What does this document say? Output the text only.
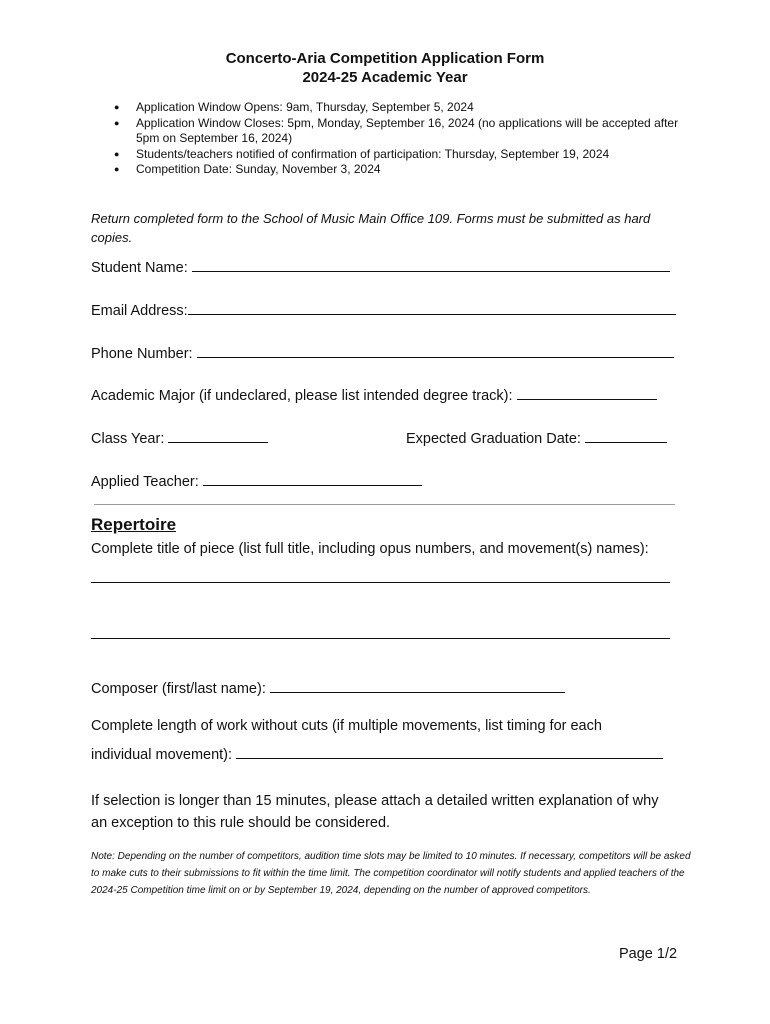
Concerto-Aria Competition Application Form
2024-25 Academic Year
● Application Window Opens: 9am, Thursday, September 5, 2024
● Application Window Closes: 5pm, Monday, September 16, 2024 (no applications will be accepted after 5pm on September 16, 2024)
● Students/teachers notified of confirmation of participation: Thursday, September 19, 2024
● Competition Date: Sunday, November 3, 2024
Return completed form to the School of Music Main Office 109. Forms must be submitted as hard copies.
Student Name:
Email Address:
Phone Number:
Academic Major (if undeclared, please list intended degree track):
Class Year:	Expected Graduation Date:
Applied Teacher:
Repertoire
Complete title of piece (list full title, including opus numbers, and movement(s) names):
Composer (first/last name):
Complete length of work without cuts (if multiple movements, list timing for each
individual movement):
If selection is longer than 15 minutes, please attach a detailed written explanation of why an exception to this rule should be considered.
Note: Depending on the number of competitors, audition time slots may be limited to 10 minutes. If necessary, competitors will be asked to make cuts to their submissions to fit within the time limit. The competition coordinator will notify students and applied teachers of the 2024-25 Competition time limit on or by September 19, 2024, depending on the number of approved competitors.
Page 1/2
